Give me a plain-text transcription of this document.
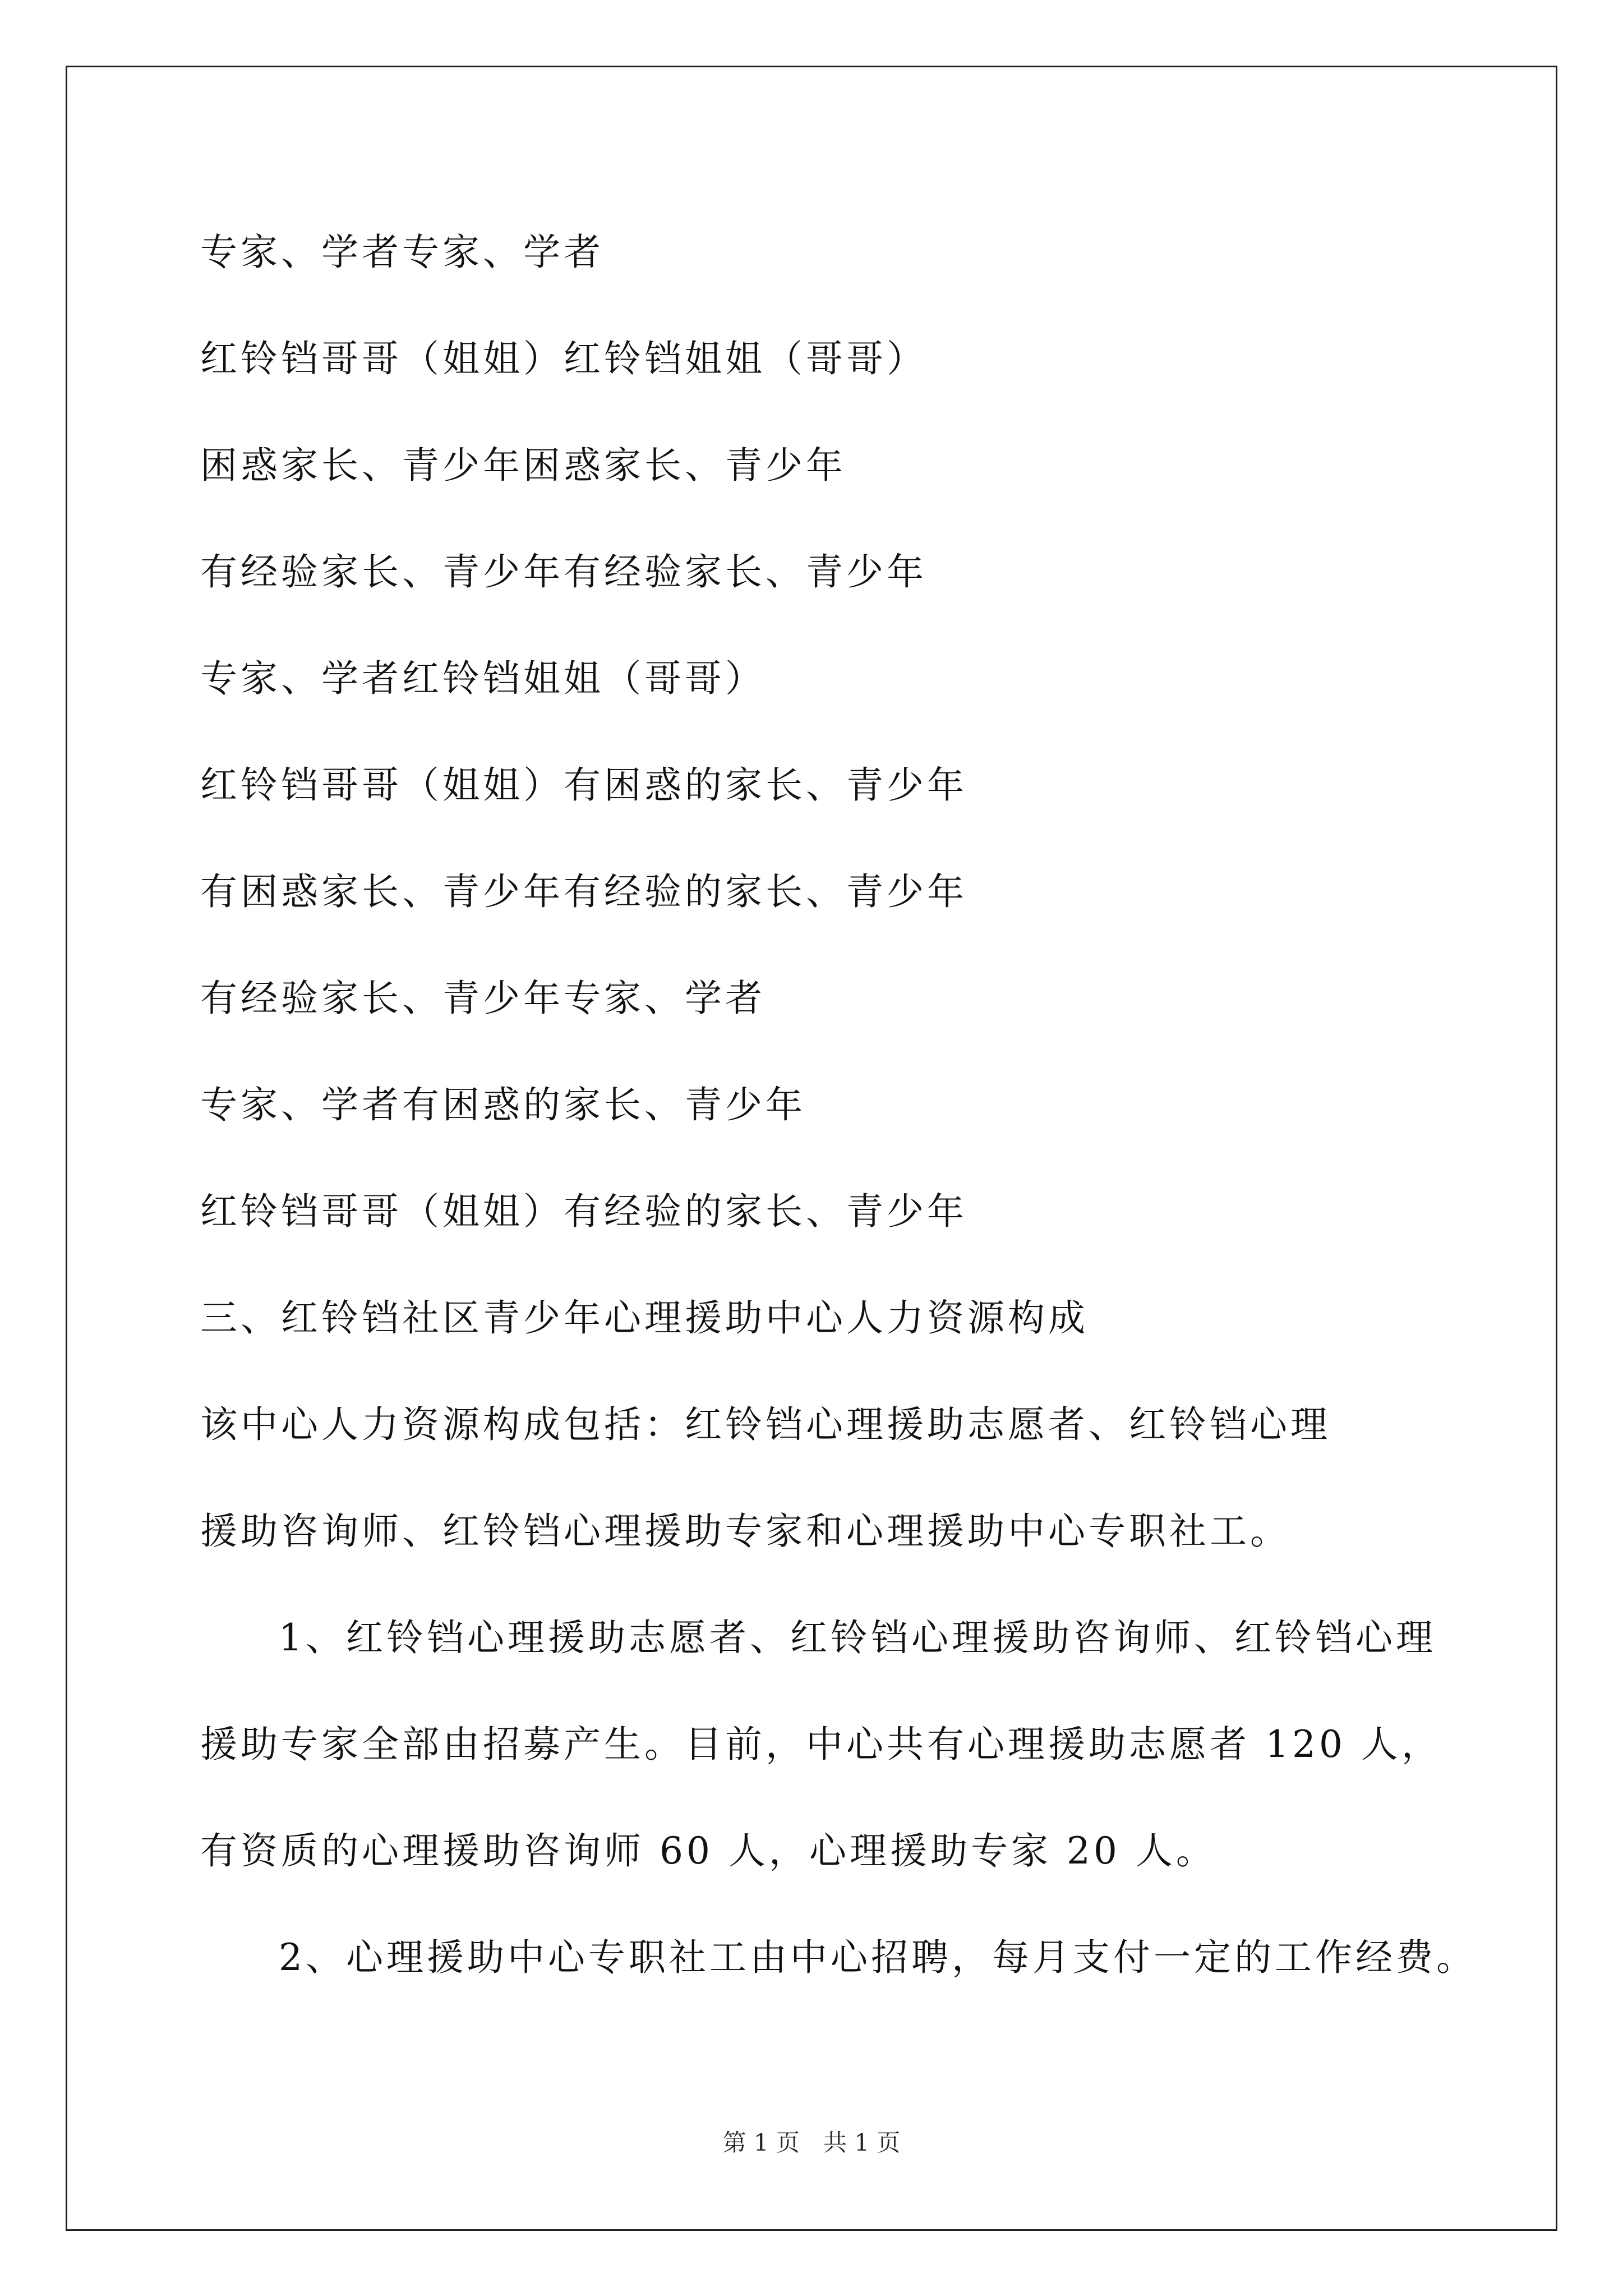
专家、学者专家、学者
红铃铛哥哥（姐姐）红铃铛姐姐（哥哥）
困惑家长、青少年困惑家长、青少年
有经验家长、青少年有经验家长、青少年
专家、学者红铃铛姐姐（哥哥）
红铃铛哥哥（姐姐）有困惑的家长、青少年
有困惑家长、青少年有经验的家长、青少年
有经验家长、青少年专家、学者
专家、学者有困惑的家长、青少年
红铃铛哥哥（姐姐）有经验的家长、青少年
三、红铃铛社区青少年心理援助中心人力资源构成
该中心人力资源构成包括：红铃铛心理援助志愿者、红铃铛心理
援助咨询师、红铃铛心理援助专家和心理援助中心专职社工。
1、红铃铛心理援助志愿者、红铃铛心理援助咨询师、红铃铛心理
援助专家全部由招募产生。目前，中心共有心理援助志愿者 120 人，
有资质的心理援助咨询师 60 人，心理援助专家 20 人。
2、心理援助中心专职社工由中心招聘，每月支付一定的工作经费。
第 1 页　共 1 页
